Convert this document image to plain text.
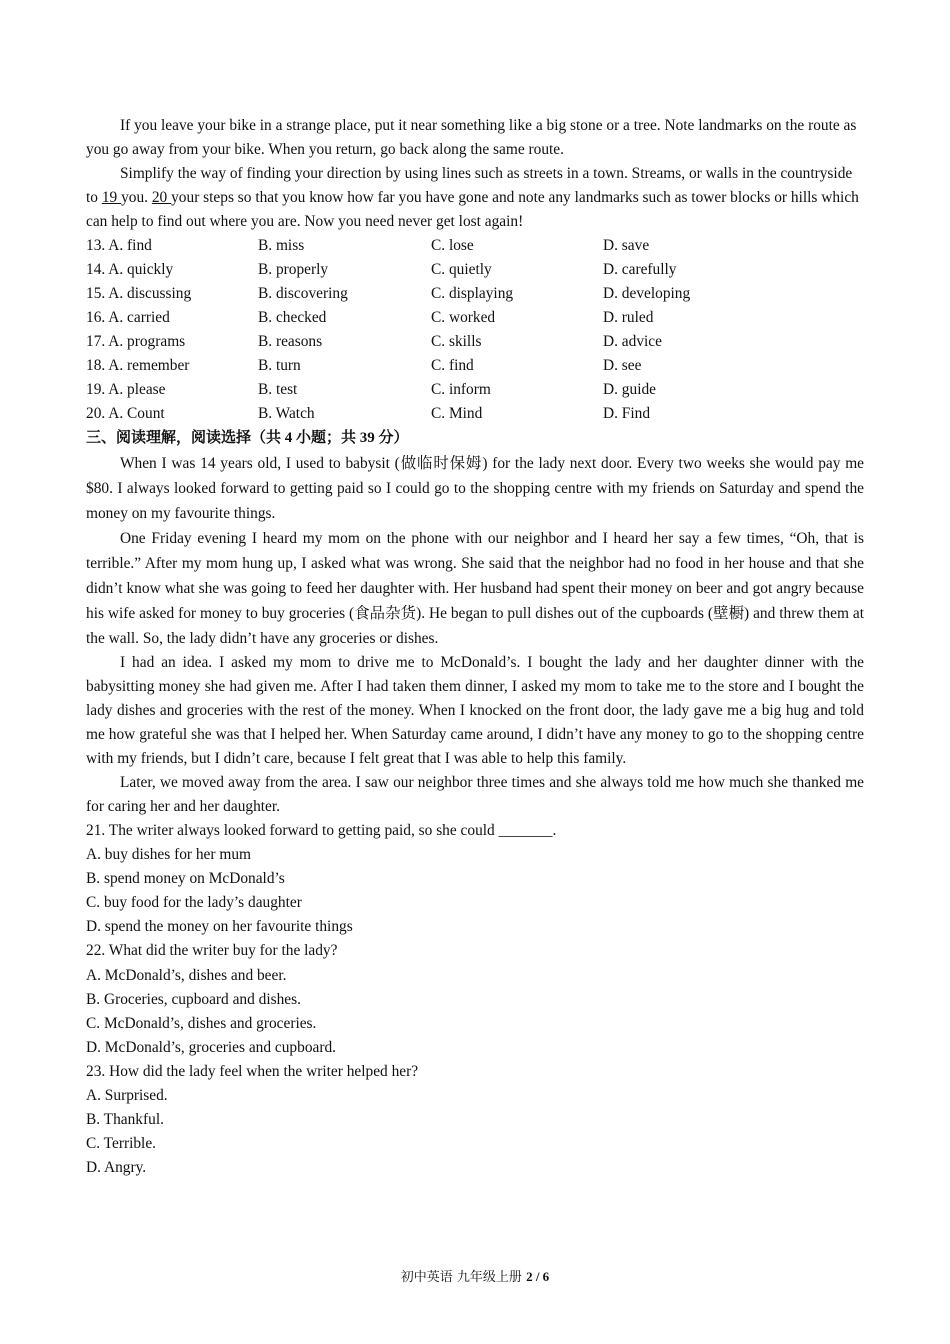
If you leave your bike in a strange place, put it near something like a big stone or a tree. Note landmarks on the route as you go away from your bike. When you return, go back along the same route.

Simplify the way of finding your direction by using lines such as streets in a town. Streams, or walls in the countryside to 19 you. 20 your steps so that you know how far you have gone and note any landmarks such as tower blocks or hills which can help to find out where you are. Now you need never get lost again!

13. A. find	B. miss	C. lose	D. save
14. A. quickly	B. properly	C. quietly	D. carefully
15. A. discussing	B. discovering	C. displaying	D. developing
16. A. carried	B. checked	C. worked	D. ruled
17. A. programs	B. reasons	C. skills	D. advice
18. A. remember	B. turn	C. find	D. see
19. A. please	B. test	C. inform	D. guide
20. A. Count	B. Watch	C. Mind	D. Find

三、阅读理解，阅读选择（共 4 小题；共 39 分）

When I was 14 years old, I used to babysit (做临时保姆) for the lady next door. Every two weeks she would pay me $80. I always looked forward to getting paid so I could go to the shopping centre with my friends on Saturday and spend the money on my favourite things.

One Friday evening I heard my mom on the phone with our neighbor and I heard her say a few times, “Oh, that is terrible.” After my mom hung up, I asked what was wrong. She said that the neighbor had no food in her house and that she didn’t know what she was going to feed her daughter with. Her husband had spent their money on beer and got angry because his wife asked for money to buy groceries (食品杂货). He began to pull dishes out of the cupboards (壁橱) and threw them at the wall. So, the lady didn’t have any groceries or dishes.

I had an idea. I asked my mom to drive me to McDonald’s. I bought the lady and her daughter dinner with the babysitting money she had given me. After I had taken them dinner, I asked my mom to take me to the store and I bought the lady dishes and groceries with the rest of the money. When I knocked on the front door, the lady gave me a big hug and told me how grateful she was that I helped her. When Saturday came around, I didn’t have any money to go to the shopping centre with my friends, but I didn’t care, because I felt great that I was able to help this family.

Later, we moved away from the area. I saw our neighbor three times and she always told me how much she thanked me for caring her and her daughter.

21. The writer always looked forward to getting paid, so she could _______.

A. buy dishes for her mum

B. spend money on McDonald’s

C. buy food for the lady’s daughter

D. spend the money on her favourite things

22. What did the writer buy for the lady?

A. McDonald’s, dishes and beer.

B. Groceries, cupboard and dishes.

C. McDonald’s, dishes and groceries.

D. McDonald’s, groceries and cupboard.

23. How did the lady feel when the writer helped her?

A. Surprised.

B. Thankful.

C. Terrible.

D. Angry.

初中英语 九年级上册 2 / 6
